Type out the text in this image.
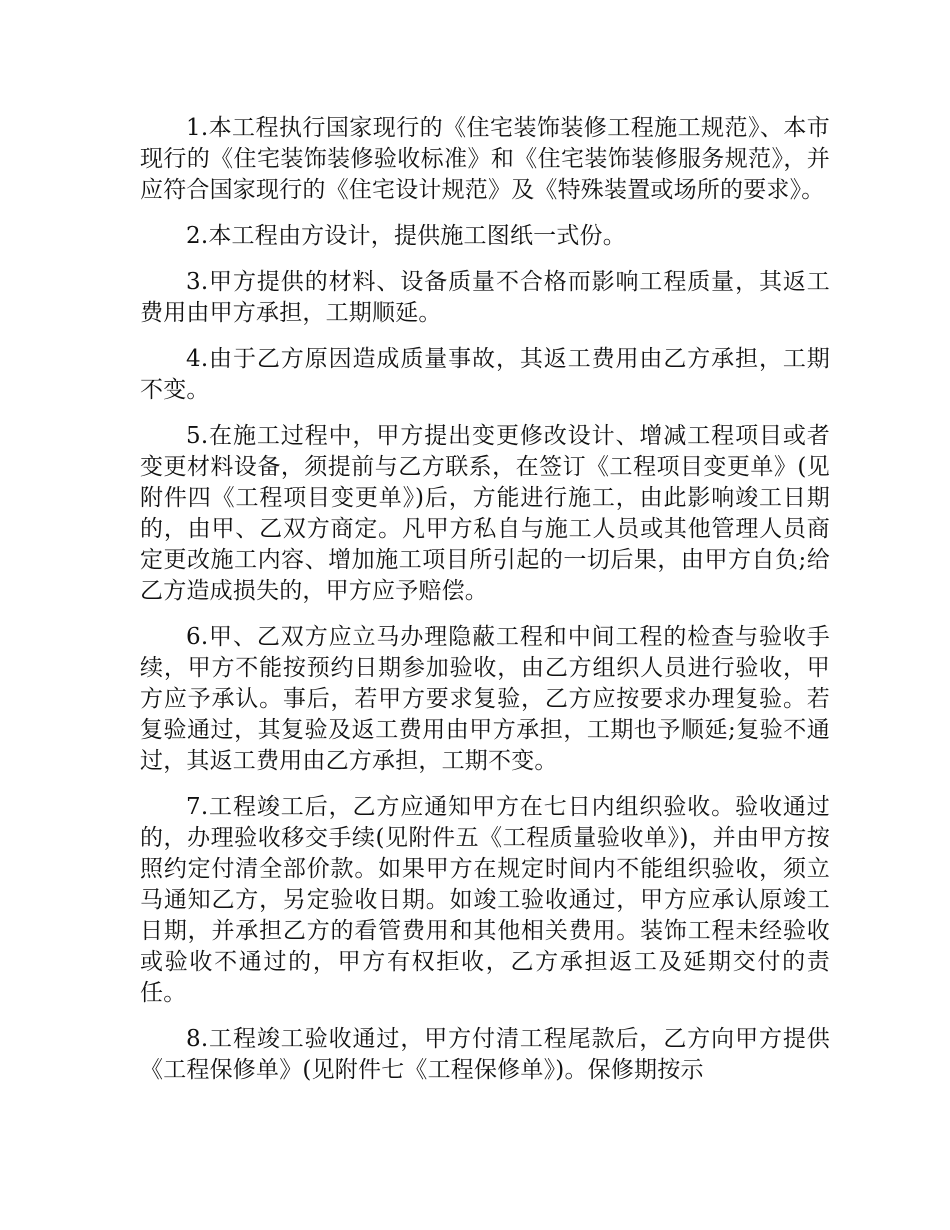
1.本工程执行国家现行的《住宅装饰装修工程施工规范》、本市现行的《住宅装饰装修验收标准》和《住宅装饰装修服务规范》，并应符合国家现行的《住宅设计规范》及《特殊装置或场所的要求》。

2.本工程由方设计，提供施工图纸一式份。

3.甲方提供的材料、设备质量不合格而影响工程质量，其返工费用由甲方承担，工期顺延。

4.由于乙方原因造成质量事故，其返工费用由乙方承担，工期不变。

5.在施工过程中，甲方提出变更修改设计、增减工程项目或者变更材料设备，须提前与乙方联系，在签订《工程项目变更单》(见附件四《工程项目变更单》)后，方能进行施工，由此影响竣工日期的，由甲、乙双方商定。凡甲方私自与施工人员或其他管理人员商定更改施工内容、增加施工项目所引起的一切后果，由甲方自负;给乙方造成损失的，甲方应予赔偿。

6.甲、乙双方应立马办理隐蔽工程和中间工程的检查与验收手续，甲方不能按预约日期参加验收，由乙方组织人员进行验收，甲方应予承认。事后，若甲方要求复验，乙方应按要求办理复验。若复验通过，其复验及返工费用由甲方承担，工期也予顺延;复验不通过，其返工费用由乙方承担，工期不变。

7.工程竣工后，乙方应通知甲方在七日内组织验收。验收通过的，办理验收移交手续(见附件五《工程质量验收单》)，并由甲方按照约定付清全部价款。如果甲方在规定时间内不能组织验收，须立马通知乙方，另定验收日期。如竣工验收通过，甲方应承认原竣工日期，并承担乙方的看管费用和其他相关费用。装饰工程未经验收或验收不通过的，甲方有权拒收，乙方承担返工及延期交付的责任。

8.工程竣工验收通过，甲方付清工程尾款后，乙方向甲方提供《工程保修单》(见附件七《工程保修单》)。保修期按示
